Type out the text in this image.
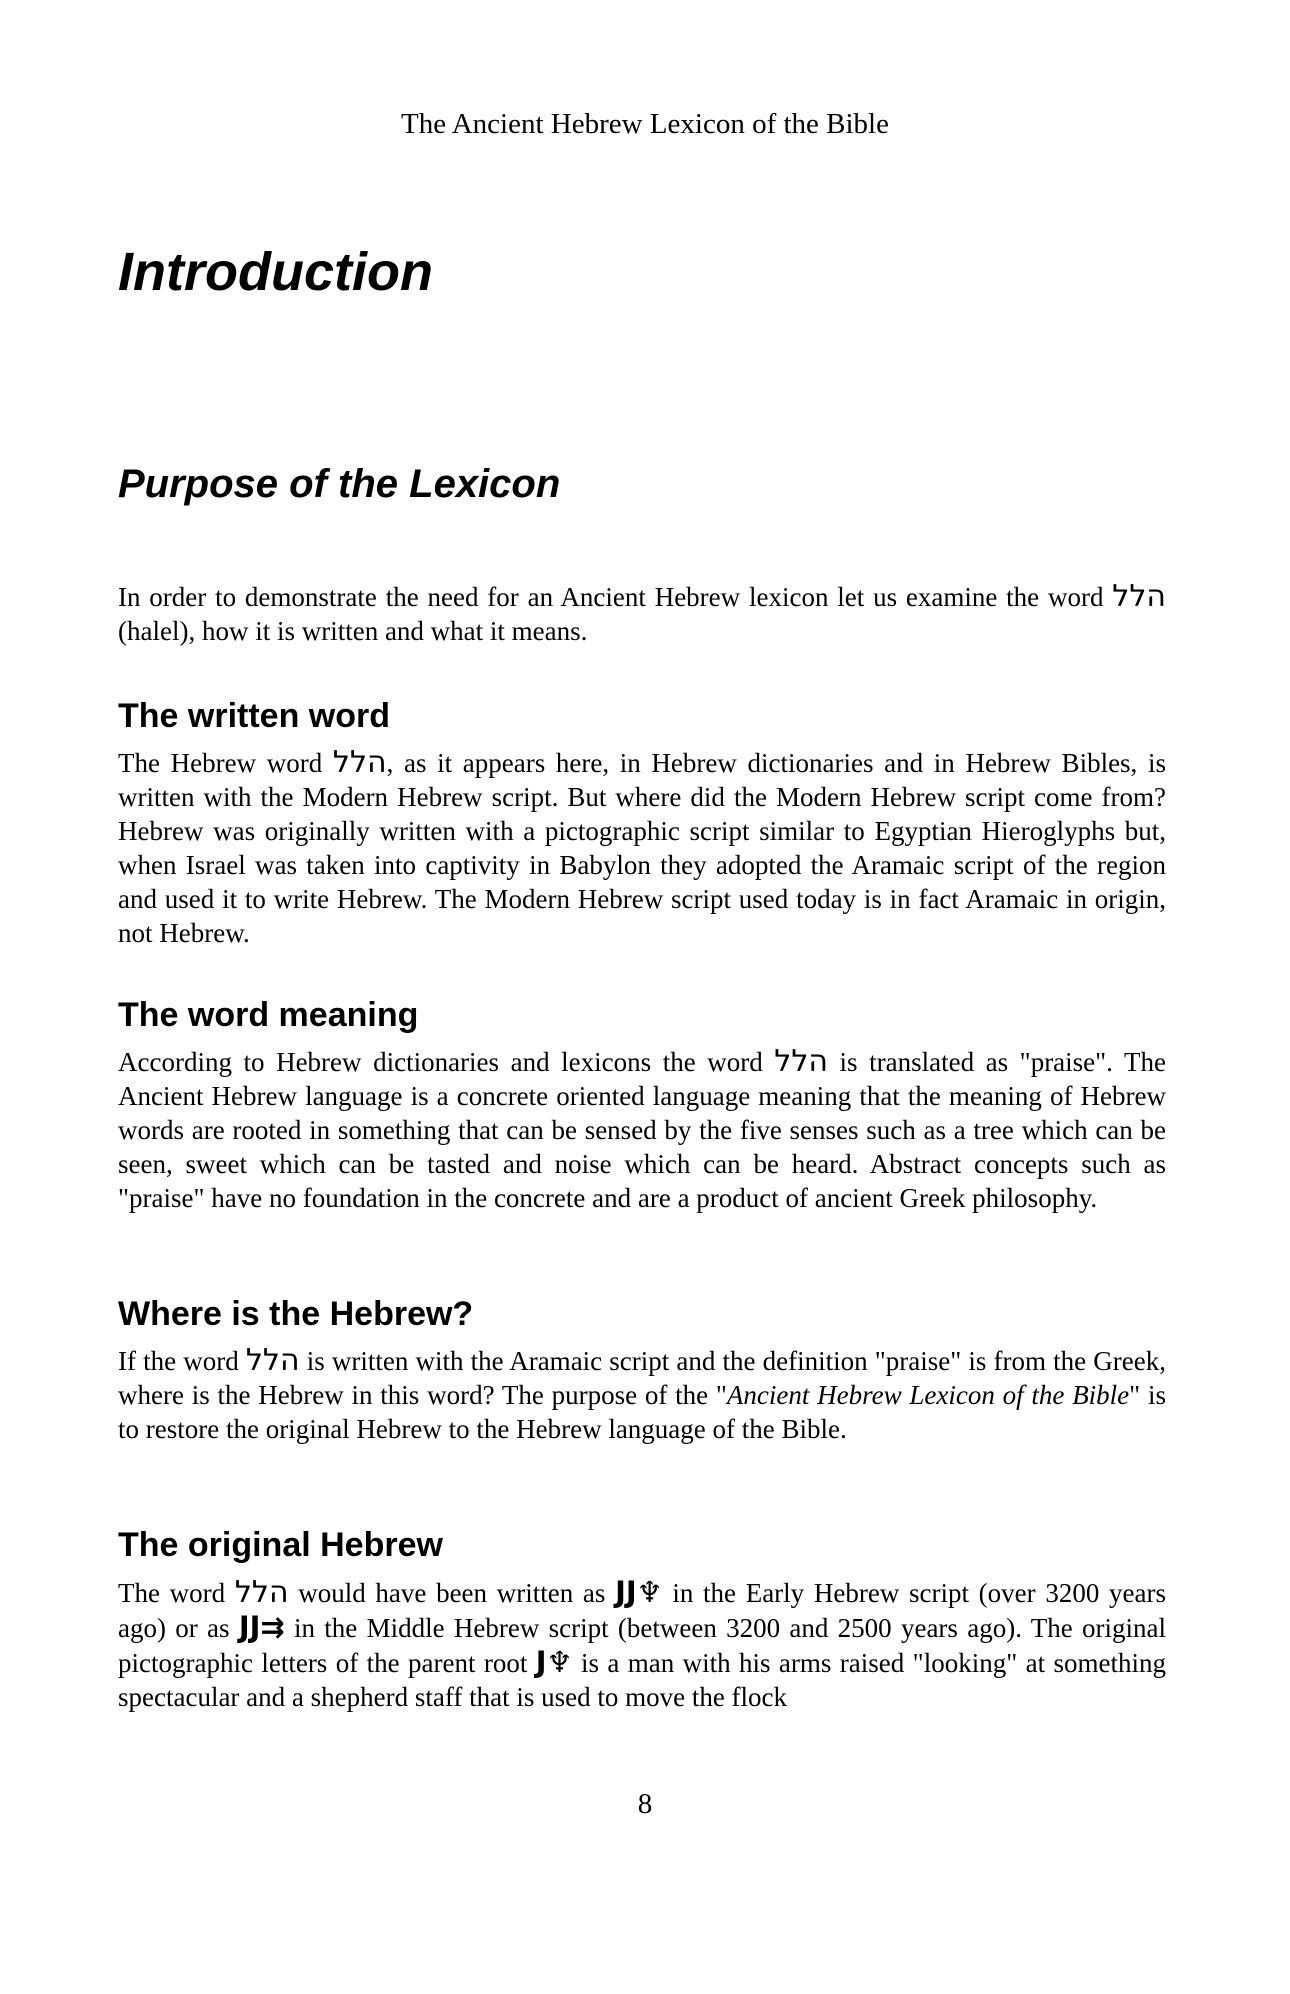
The Ancient Hebrew Lexicon of the Bible
Introduction
Purpose of the Lexicon

In order to demonstrate the need for an Ancient Hebrew lexicon let us examine the word הלל (halel), how it is written and what it means.

The written word

The Hebrew word הלל, as it appears here, in Hebrew dictionaries and in Hebrew Bibles, is written with the Modern Hebrew script. But where did the Modern Hebrew script come from? Hebrew was originally written with a pictographic script similar to Egyptian Hieroglyphs but, when Israel was taken into captivity in Babylon they adopted the Aramaic script of the region and used it to write Hebrew. The Modern Hebrew script used today is in fact Aramaic in origin, not Hebrew.

The word meaning

According to Hebrew dictionaries and lexicons the word הלל is translated as "praise". The Ancient Hebrew language is a concrete oriented language meaning that the meaning of Hebrew words are rooted in something that can be sensed by the five senses such as a tree which can be seen, sweet which can be tasted and noise which can be heard. Abstract concepts such as "praise" have no foundation in the concrete and are a product of ancient Greek philosophy.

Where is the Hebrew?

If the word הלל is written with the Aramaic script and the definition "praise" is from the Greek, where is the Hebrew in this word? The purpose of the "Ancient Hebrew Lexicon of the Bible" is to restore the original Hebrew to the Hebrew language of the Bible.

The original Hebrew

The word הלל would have been written as JJ♆ in the Early Hebrew script (over 3200 years ago) or as JJ⇉ in the Middle Hebrew script (between 3200 and 2500 years ago). The original pictographic letters of the parent root J♆ is a man with his arms raised "looking" at something spectacular and a shepherd staff that is used to move the flock

8
